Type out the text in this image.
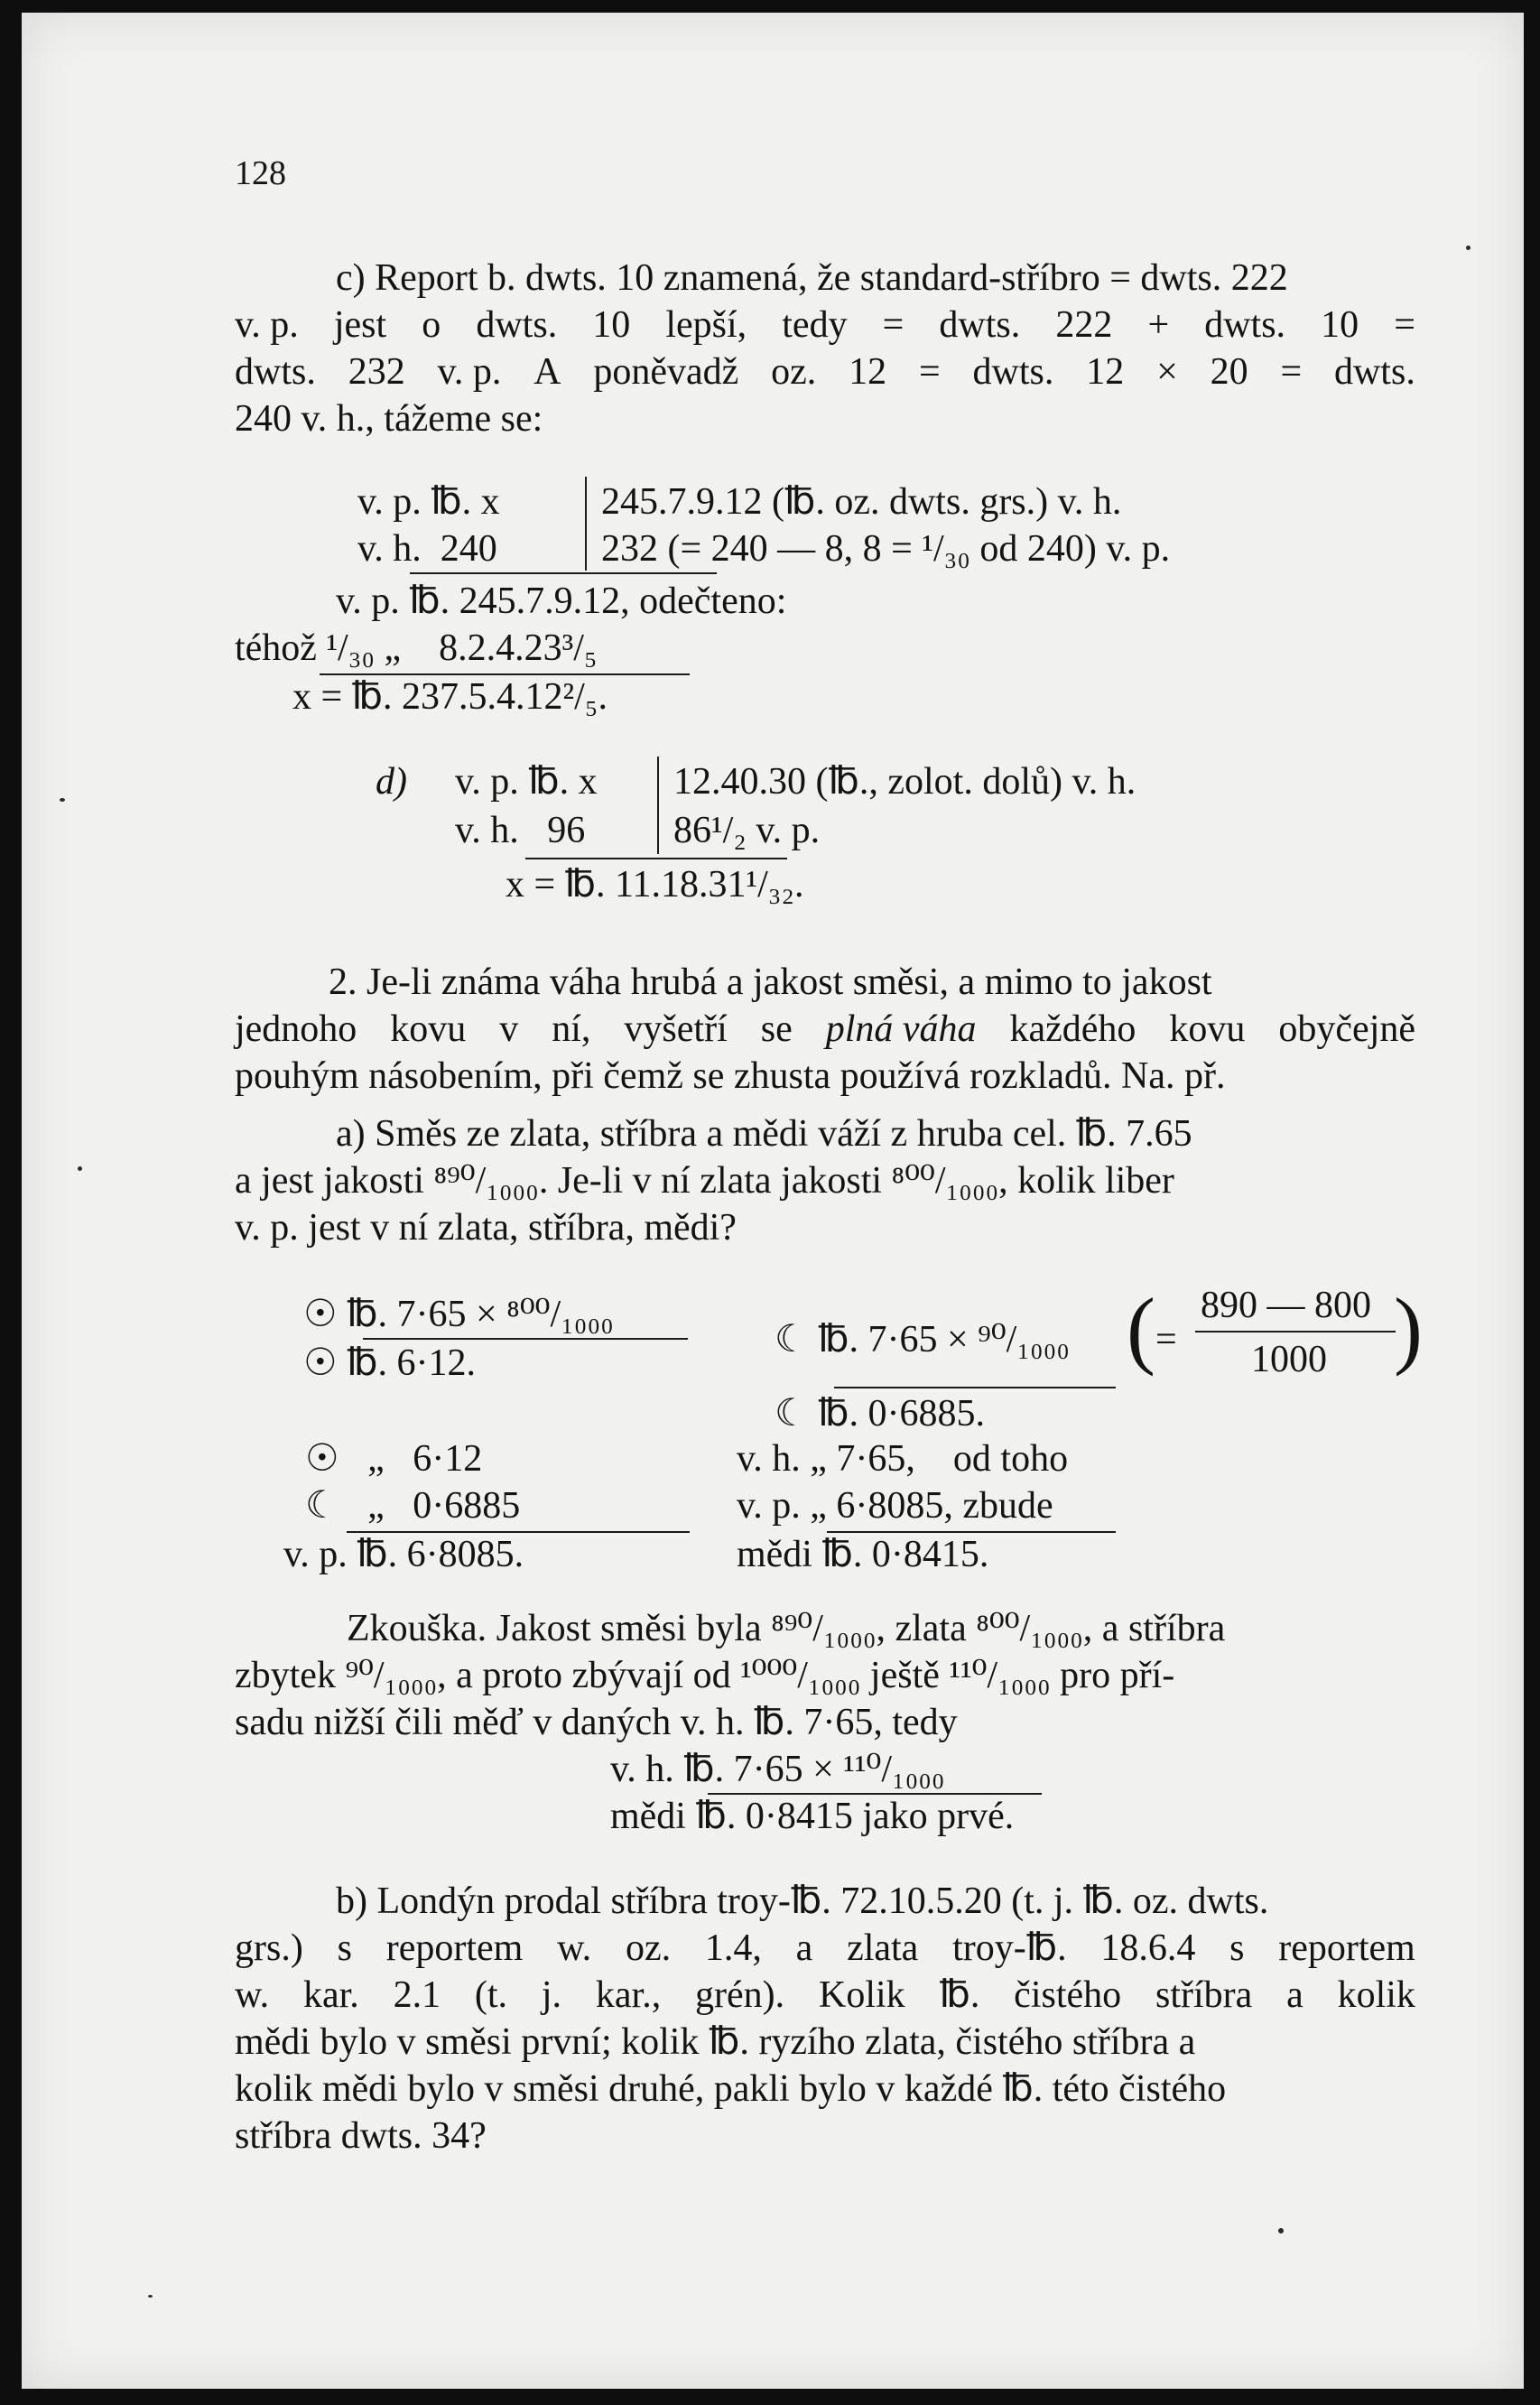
128
c) Report b. dwts. 10 znamená, že standard-stříbro = dwts. 222
v. p. jest o dwts. 10 lepší, tedy = dwts. 222 + dwts. 10 =
dwts. 232 v. p. A poněvadž oz. 12 = dwts. 12 × 20 = dwts.
240 v. h., tážeme se:
v. p. ℔. x	245.7.9.12 (℔. oz. dwts. grs.) v. h.
v. h.  240	232 (= 240 — 8, 8 = ¹/₃₀ od 240) v. p.
v. p. ℔. 245.7.9.12, odečteno:
téhož ¹/₃₀ „    8.2.4.23³/₅
x = ℔. 237.5.4.12²/₅.
d) v. p. ℔. x 12.40.30 (℔., zolot. dolů) v. h.
v. h.   96 86¹/₂ v. p.
x = ℔. 11.18.31¹/₃₂.
2. Je-li známa váha hrubá a jakost směsi, a mimo to jakost
jednoho kovu v ní, vyšetří se plná váha každého kovu obyčejně
pouhým násobením, při čemž se zhusta používá rozkladů. Na. př.
a) Směs ze zlata, stříbra a mědi váží z hruba cel. ℔. 7.65
a jest jakosti ⁸⁹⁰/₁₀₀₀. Je-li v ní zlata jakosti ⁸⁰⁰/₁₀₀₀, kolik liber
v. p. jest v ní zlata, stříbra, mědi?
☉ ℔. 7·65 × ⁸⁰⁰/₁₀₀₀
☉ ℔. 6·12.
☾ ℔. 7·65 × ⁹⁰/₁₀₀₀ ( =
890 — 800
1000 )
☾ ℔. 0·6885.
☉   „   6·12
☾   „   0·6885
v. p. ℔. 6·8085.
v. h. „ 7·65,    od toho
v. p. „ 6·8085, zbude
mědi ℔. 0·8415.
Zkouška. Jakost směsi byla ⁸⁹⁰/₁₀₀₀, zlata ⁸⁰⁰/₁₀₀₀, a stříbra
zbytek ⁹⁰/₁₀₀₀, a proto zbývají od ¹⁰⁰⁰/₁₀₀₀ ještě ¹¹⁰/₁₀₀₀ pro pří-
sadu nižší čili měď v daných v. h. ℔. 7·65, tedy
v. h. ℔. 7·65 × ¹¹⁰/₁₀₀₀
mědi ℔. 0·8415 jako prvé.
b) Londýn prodal stříbra troy-℔. 72.10.5.20 (t. j. ℔. oz. dwts.
grs.) s reportem w. oz. 1.4, a zlata troy-℔. 18.6.4 s reportem
w. kar. 2.1 (t. j. kar., grén). Kolik ℔. čistého stříbra a kolik
mědi bylo v směsi první; kolik ℔. ryzího zlata, čistého stříbra a
kolik mědi bylo v směsi druhé, pakli bylo v každé ℔. této čistého
stříbra dwts. 34?
